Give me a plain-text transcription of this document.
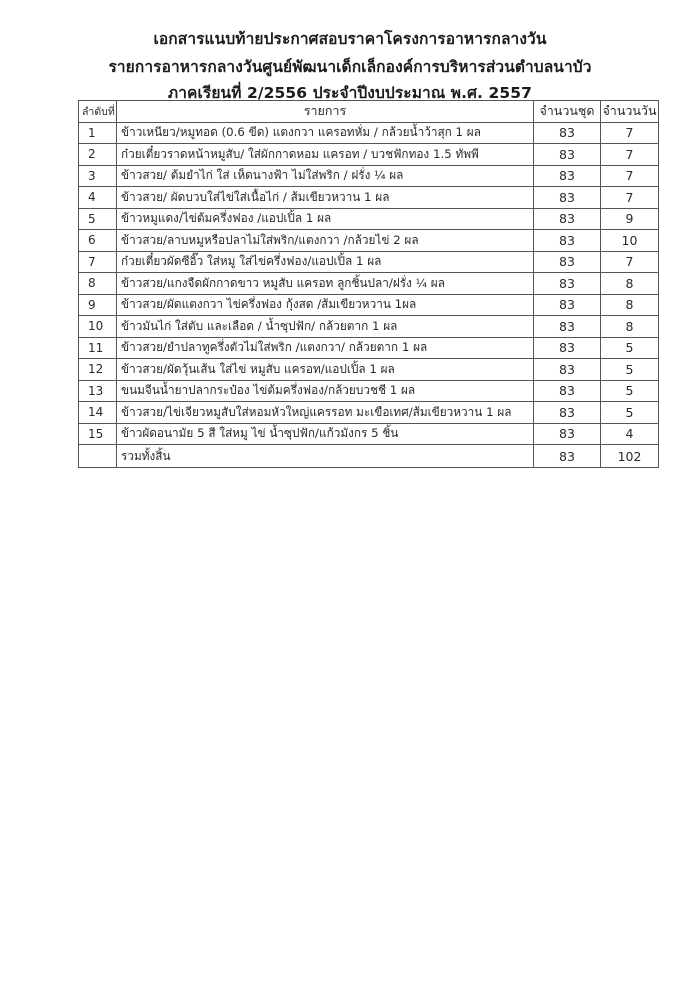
เอกสารแนบท้ายประกาศสอบราคาโครงการอาหารกลางวัน
รายการอาหารกลางวันศูนย์พัฒนาเด็กเล็กองค์การบริหารส่วนตำบลนาบัว
ภาคเรียนที่ 2/2556 ประจำปีงบประมาณ พ.ศ. 2557
ลำดับที่	รายการ	จำนวนชุด	จำนวนวัน
1	ข้าวเหนียว/หมูทอด (0.6 ขีด) แตงกวา แครอทหั่ม / กล้วยน้ำว้าสุก 1 ผล	83	7
2	ก๋วยเตี๋ยวราดหน้าหมูสับ/ ใส่ผักกาดหอม แครอท / บวชฟักทอง 1.5 ทัพพี	83	7
3	ข้าวสวย/ ต้มยำไก่ ใส่ เห็ดนางฟ้า ไม่ใส่พริก / ฝรั่ง ¼ ผล	83	7
4	ข้าวสวย/ ผัดบวบใส่ไข่ใส่เนื้อไก่ / ส้มเขียวหวาน 1 ผล	83	7
5	ข้าวหมูแดง/ไข่ต้มครึ่งฟอง /แอปเปิ้ล 1 ผล	83	9
6	ข้าวสวย/ลาบหมูหรือปลาไม่ใส่พริก/แตงกวา /กล้วยไข่ 2 ผล	83	10
7	ก๋วยเตี๋ยวผัดซีอิ๊ว ใส่หมู ใส่ไข่ครึ่งฟอง/แอปเปิ้ล 1 ผล	83	7
8	ข้าวสวย/แกงจืดผักกาดขาว หมูสับ แครอท ลูกชิ้นปลา/ฝรั่ง ¼ ผล	83	8
9	ข้าวสวย/ผัดแตงกวา ไข่ครึ่งฟอง กุ้งสด /ส้มเขียวหวาน 1ผล	83	8
10	ข้าวมันไก่ ใส่ตับ และเลือด / น้ำซุปฟัก/ กล้วยตาก 1 ผล	83	8
11	ข้าวสวย/ยำปลาทูครึ่งตัวไม่ใส่พริก /แตงกวา/ กล้วยตาก 1 ผล	83	5
12	ข้าวสวย/ผัดวุ้นเส้น ใส่ไข่ หมูสับ แครอท/แอปเปิ้ล 1 ผล	83	5
13	ขนมจีนน้ำยาปลากระป๋อง ไข่ต้มครึ่งฟอง/กล้วยบวชชี 1 ผล	83	5
14	ข้าวสวย/ไข่เจียวหมูสับใส่หอมหัวใหญ่แครรอท มะเขือเทศ/ส้มเขียวหวาน 1 ผล	83	5
15	ข้าวผัดอนามัย 5 สี ใส่หมู ไข่ น้ำซุปฟัก/แก้วมังกร 5 ชิ้น	83	4
	รวมทั้งสิ้น	83	102
